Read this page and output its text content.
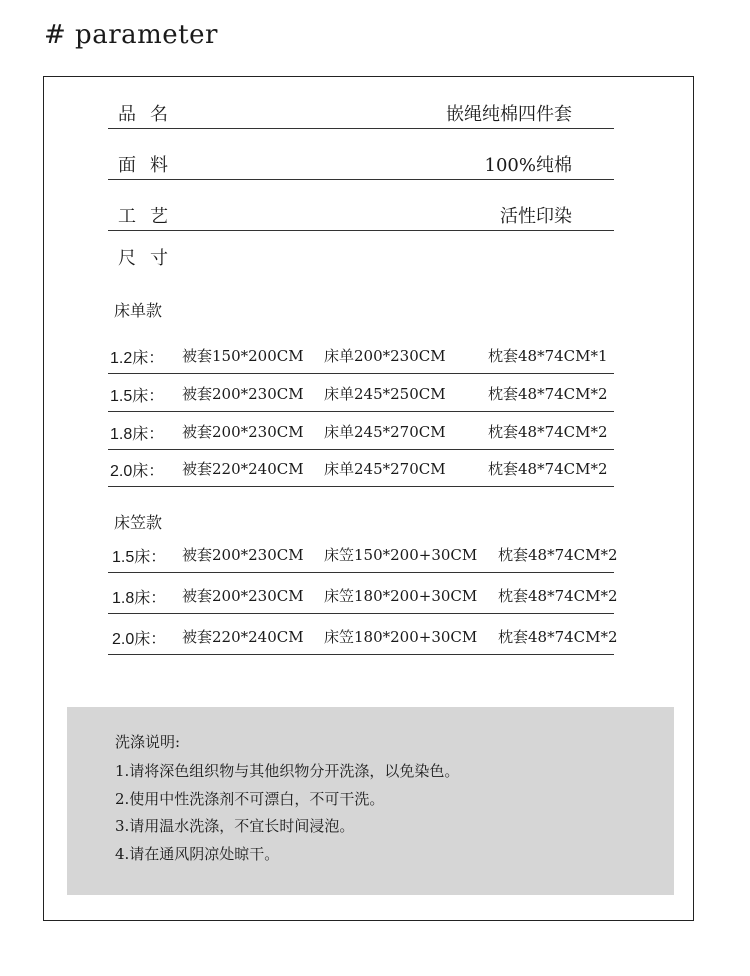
# parameter
品名	嵌绳纯棉四件套
面料	100%纯棉
工艺	活性印染
尺寸
床单款
1.2床： 被套150*200CM 床单200*230CM	枕套48*74CM*1
1.5床： 被套200*230CM 床单245*250CM	枕套48*74CM*2
1.8床： 被套200*230CM 床单245*270CM	枕套48*74CM*2
2.0床： 被套220*240CM 床单245*270CM	枕套48*74CM*2
床笠款
1.5床： 被套200*230CM 床笠150*200+30CM 枕套48*74CM*2
1.8床： 被套200*230CM 床笠180*200+30CM 枕套48*74CM*2
2.0床： 被套220*240CM 床笠180*200+30CM 枕套48*74CM*2
洗涤说明:
1.请将深色组织物与其他织物分开洗涤，以免染色。
2.使用中性洗涤剂不可漂白，不可干洗。
3.请用温水洗涤，不宜长时间浸泡。
4.请在通风阴凉处晾干。
